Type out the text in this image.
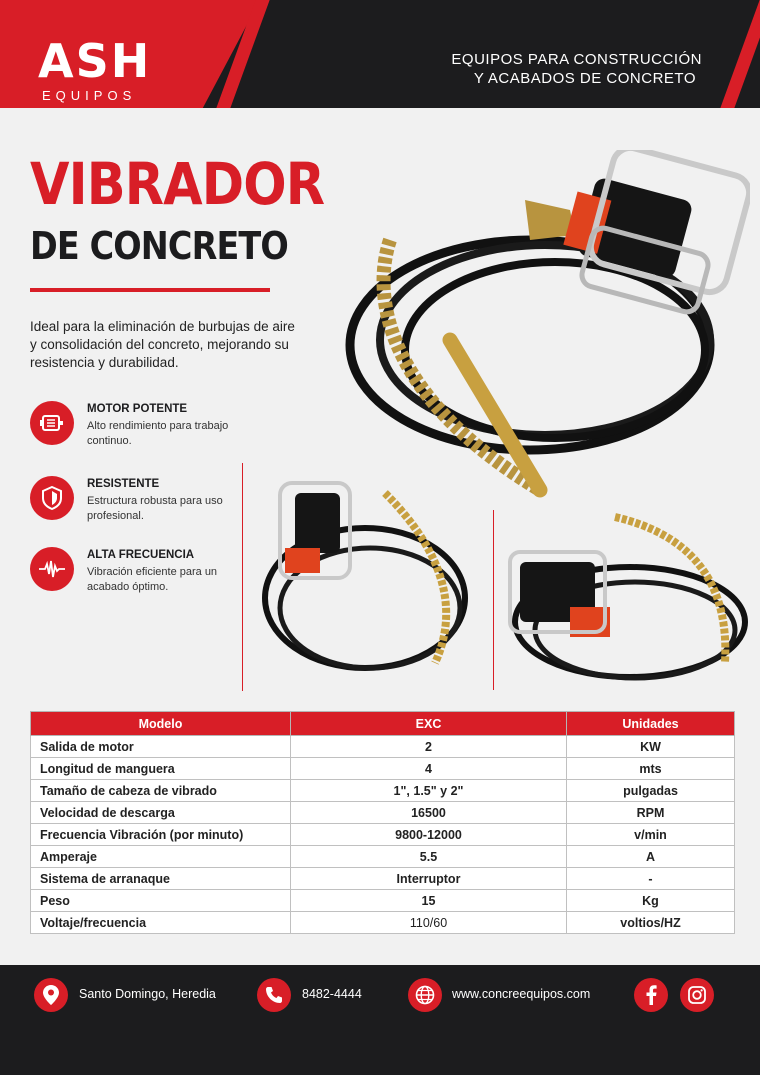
ASH
EQUIPOS
EQUIPOS PARA CONSTRUCCIÓN
Y ACABADOS DE CONCRETO
VIBRADOR
DE CONCRETO
Ideal para la eliminación de burbujas de aire y consolidación del concreto, mejorando su resistencia y durabilidad.
MOTOR POTENTE
Alto rendimiento para trabajo continuo.
RESISTENTE
Estructura robusta para uso profesional.
ALTA FRECUENCIA
Vibración eficiente para un acabado óptimo.
Modelo	EXC	Unidades
Salida de motor	2	KW
Longitud de manguera	4	mts
Tamaño de cabeza de vibrado	1", 1.5" y 2"	pulgadas
Velocidad de descarga	16500	RPM
Frecuencia Vibración (por minuto)	9800-12000	v/min
Amperaje	5.5	A
Sistema de arranaque	Interruptor	-
Peso	15	Kg
Voltaje/frecuencia	110/60	voltios/HZ
Santo Domingo, Heredia	8482-4444	www.concreequipos.com
